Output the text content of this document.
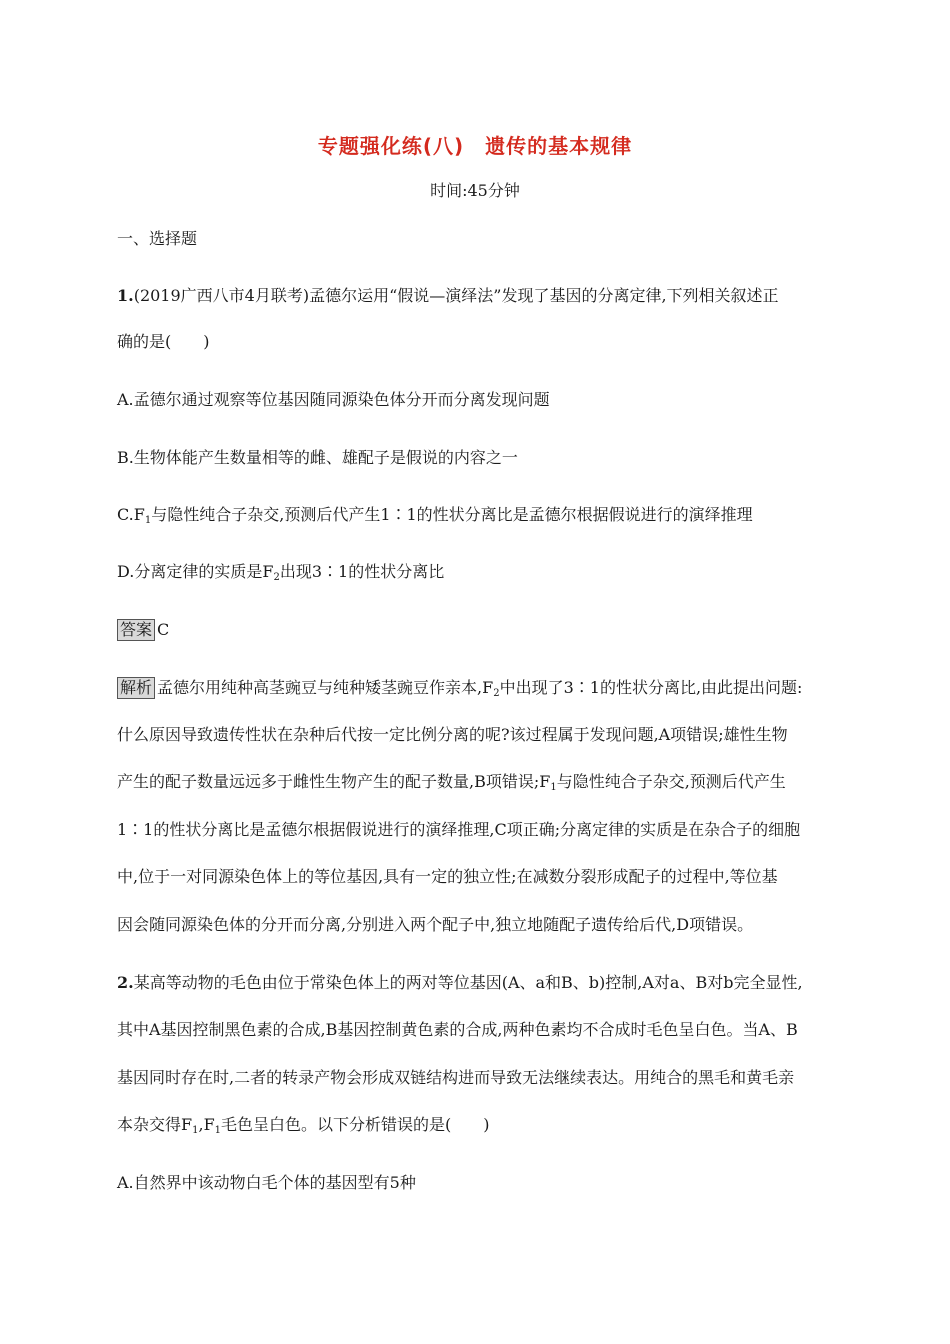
专题强化练(八)　遗传的基本规律
时间:45分钟
一、选择题
1.(2019广西八市4月联考)孟德尔运用“假说—演绎法”发现了基因的分离定律,下列相关叙述正
确的是(　　)
A.孟德尔通过观察等位基因随同源染色体分开而分离发现问题
B.生物体能产生数量相等的雌、雄配子是假说的内容之一
$C.F_1$与隐性纯合子杂交,预测后代产生1∶1的性状分离比是孟德尔根据假说进行的演绎推理
D.分离定律的实质是$F_2$出现3∶1的性状分离比
答案 C
解析 孟德尔用纯种高茎豌豆与纯种矮茎豌豆作亲本$,F_2$中出现了3∶1的性状分离比,由此提出问题:
什么原因导致遗传性状在杂种后代按一定比例分离的呢?该过程属于发现问题,A项错误;雄性生物
产生的配子数量远远多于雌性生物产生的配子数量,B项错误$;F_1$与隐性纯合子杂交,预测后代产生
1∶1的性状分离比是孟德尔根据假说进行的演绎推理,C项正确;分离定律的实质是在杂合子的细胞
中,位于一对同源染色体上的等位基因,具有一定的独立性;在减数分裂形成配子的过程中,等位基
因会随同源染色体的分开而分离,分别进入两个配子中,独立地随配子遗传给后代,D项错误。
2.某高等动物的毛色由位于常染色体上的两对等位基因(A、a和B、b)控制,A对a、B对b完全显性,
其中A基因控制黑色素的合成,B基因控制黄色素的合成,两种色素均不合成时毛色呈白色。当A、B
基因同时存在时,二者的转录产物会形成双链结构进而导致无法继续表达。用纯合的黑毛和黄毛亲
本杂交得$F_1,F_1$毛色呈白色。以下分析错误的是(　　)
A.自然界中该动物白毛个体的基因型有5种
